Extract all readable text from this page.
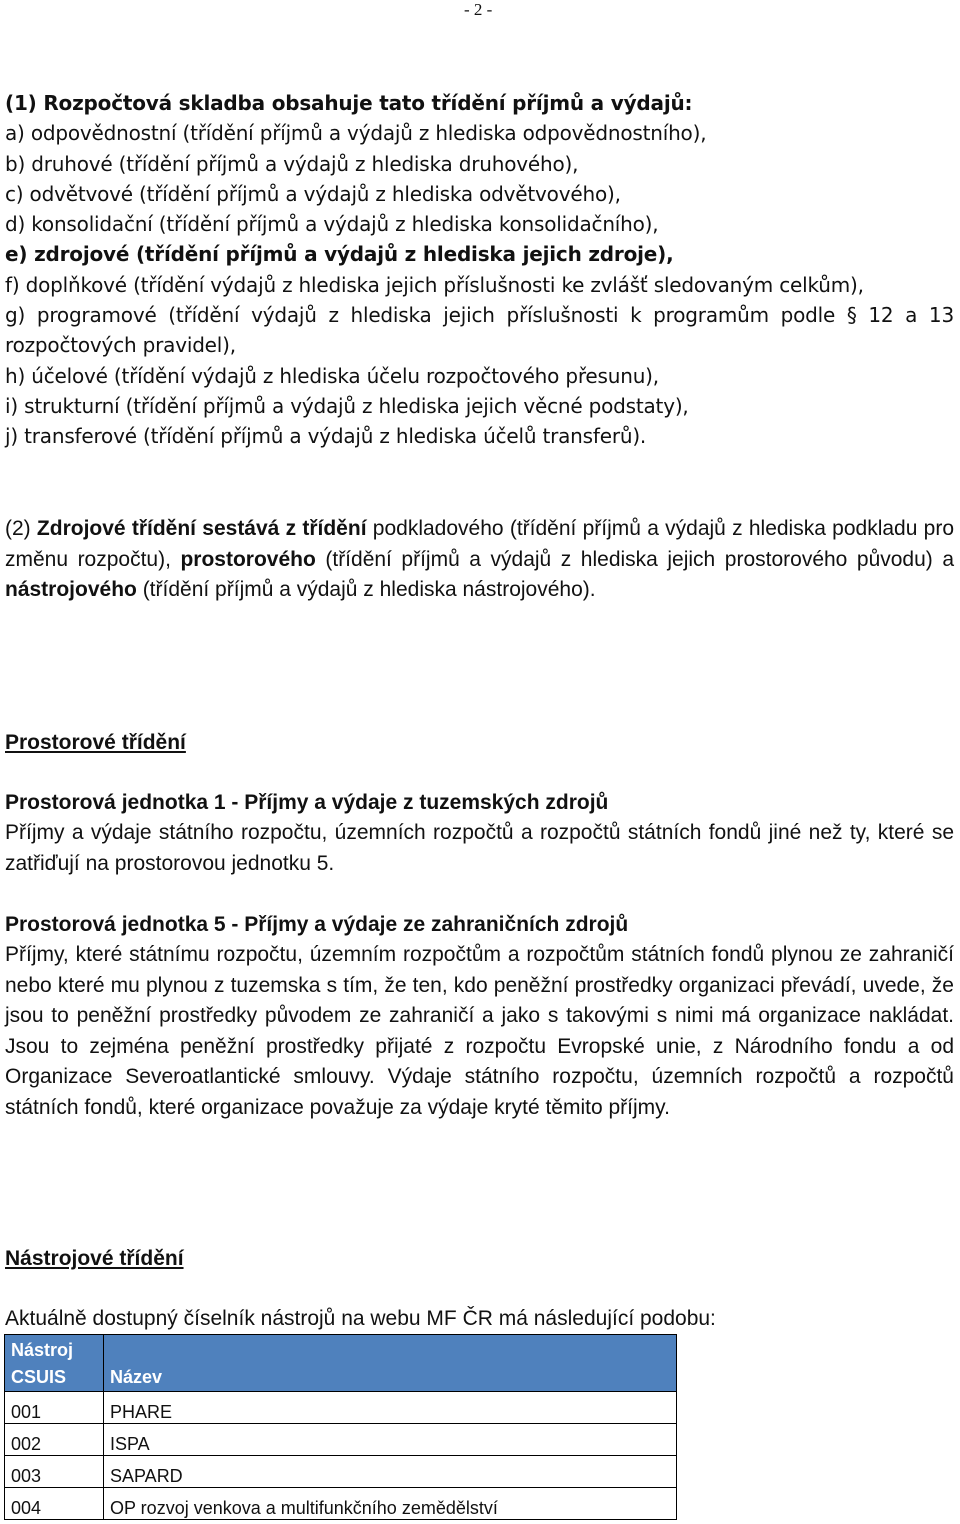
- 2 -
(1) Rozpočtová skladba obsahuje tato třídění příjmů a výdajů:
a) odpovědnostní (třídění příjmů a výdajů z hlediska odpovědnostního),
b) druhové (třídění příjmů a výdajů z hlediska druhového),
c) odvětvové (třídění příjmů a výdajů z hlediska odvětvového),
d) konsolidační (třídění příjmů a výdajů z hlediska konsolidačního),
e) zdrojové (třídění příjmů a výdajů z hlediska jejich zdroje),
f) doplňkové (třídění výdajů z hlediska jejich příslušnosti ke zvlášť sledovaným celkům),
g) programové (třídění výdajů z hlediska jejich příslušnosti k programům podle § 12 a 13 rozpočtových pravidel),
h) účelové (třídění výdajů z hlediska účelu rozpočtového přesunu),
i) strukturní (třídění příjmů a výdajů z hlediska jejich věcné podstaty),
j) transferové (třídění příjmů a výdajů z hlediska účelů transferů).
(2) Zdrojové třídění sestává z třídění podkladového (třídění příjmů a výdajů z hlediska podkladu pro změnu rozpočtu), prostorového (třídění příjmů a výdajů z hlediska jejich prostorového původu) a nástrojového (třídění příjmů a výdajů z hlediska nástrojového).
Prostorové třídění
Prostorová jednotka 1 - Příjmy a výdaje z tuzemských zdrojů
Příjmy a výdaje státního rozpočtu, územních rozpočtů a rozpočtů státních fondů jiné než ty, které se zatřiďují na prostorovou jednotku 5.
Prostorová jednotka 5 - Příjmy a výdaje ze zahraničních zdrojů
Příjmy, které státnímu rozpočtu, územním rozpočtům a rozpočtům státních fondů plynou ze zahraničí nebo které mu plynou z tuzemska s tím, že ten, kdo peněžní prostředky organizaci převádí, uvede, že jsou to peněžní prostředky původem ze zahraničí a jako s takovými s nimi má organizace nakládat. Jsou to zejména peněžní prostředky přijaté z rozpočtu Evropské unie, z Národního fondu a od Organizace Severoatlantické smlouvy. Výdaje státního rozpočtu, územních rozpočtů a rozpočtů státních fondů, které organizace považuje za výdaje kryté těmito příjmy.
Nástrojové třídění
Aktuálně dostupný číselník nástrojů na webu MF ČR má následující podobu:
Nástroj
CSUIS	Název
001	PHARE
002	ISPA
003	SAPARD
004	OP rozvoj venkova a multifunkčního zemědělství
